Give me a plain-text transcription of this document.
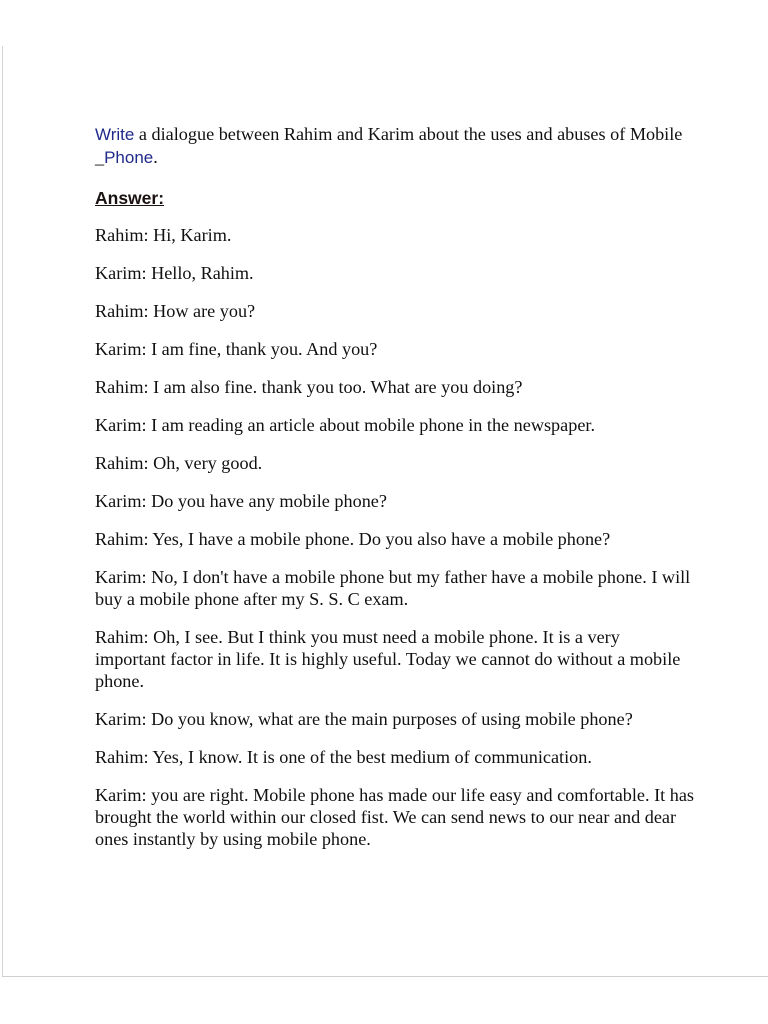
Write a dialogue between Rahim and Karim about the uses and abuses of Mobile _Phone.

Answer:

Rahim: Hi, Karim.

Karim: Hello, Rahim.

Rahim: How are you?

Karim: I am fine, thank you. And you?

Rahim: I am also fine. thank you too. What are you doing?

Karim: I am reading an article about mobile phone in the newspaper.

Rahim: Oh, very good.

Karim: Do you have any mobile phone?

Rahim: Yes, I have a mobile phone. Do you also have a mobile phone?

Karim: No, I don't have a mobile phone but my father have a mobile phone. I will buy a mobile phone after my S. S. C exam.

Rahim: Oh, I see. But I think you must need a mobile phone. It is a very important factor in life. It is highly useful. Today we cannot do without a mobile phone.

Karim: Do you know, what are the main purposes of using mobile phone?

Rahim: Yes, I know. It is one of the best medium of communication.

Karim: you are right. Mobile phone has made our life easy and comfortable. It has brought the world within our closed fist. We can send news to our near and dear ones instantly by using mobile phone.
